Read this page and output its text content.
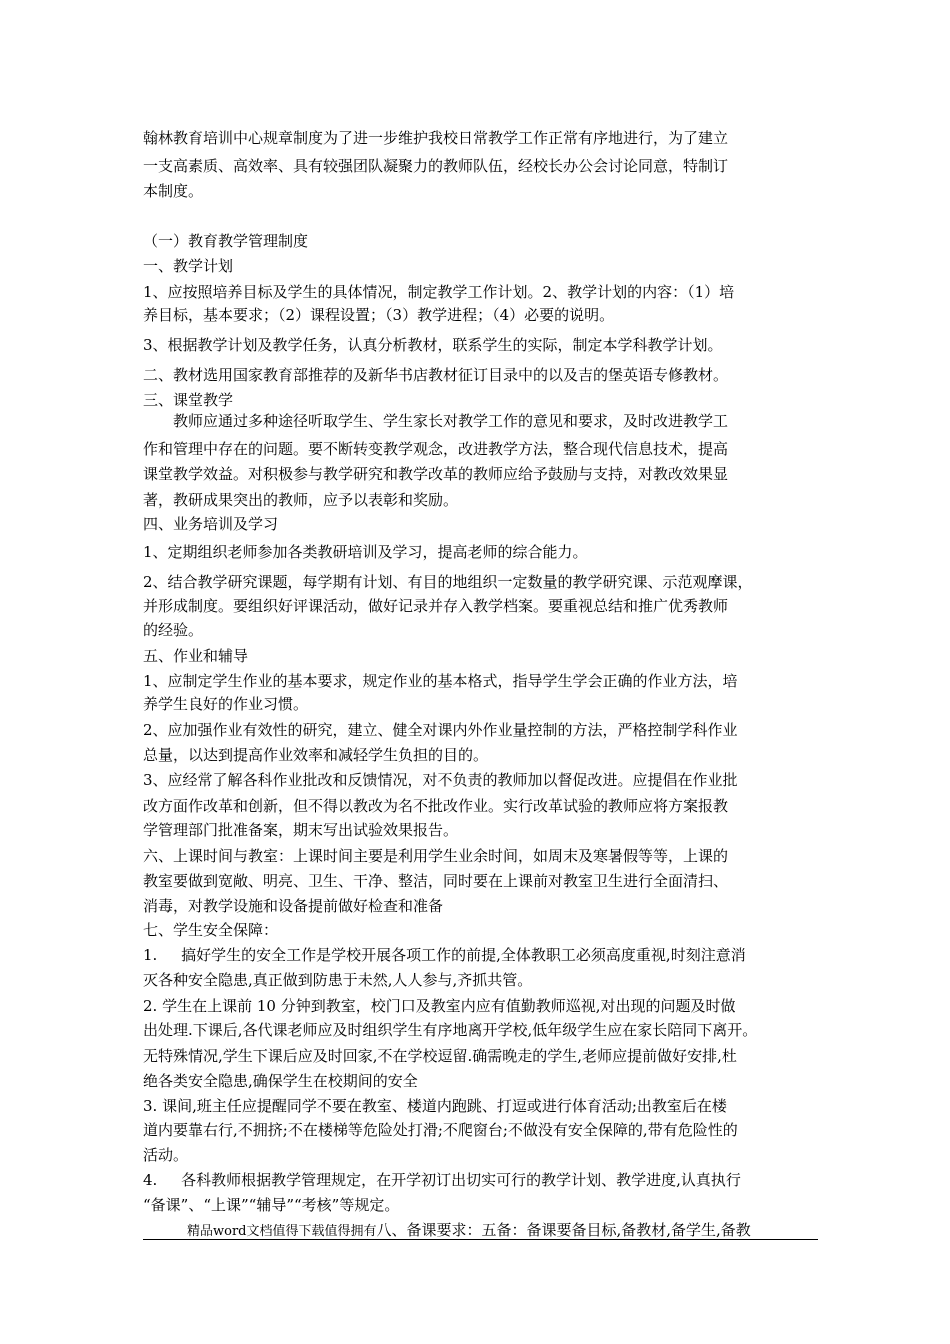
翰林教育培训中心规章制度为了进一步维护我校日常教学工作正常有序地进行，为了建立
一支高素质、高效率、具有较强团队凝聚力的教师队伍，经校长办公会讨论同意，特制订
本制度。
（一）教育教学管理制度
一、教学计划
1、应按照培养目标及学生的具体情况，制定教学工作计划。2、教学计划的内容：（1）培
养目标，基本要求；（2）课程设置；（3）教学进程；（4）必要的说明。
3、根据教学计划及教学任务，认真分析教材，联系学生的实际，制定本学科教学计划。
二、教材选用国家教育部推荐的及新华书店教材征订目录中的以及吉的堡英语专修教材。
三、课堂教学
教师应通过多种途径听取学生、学生家长对教学工作的意见和要求，及时改进教学工
作和管理中存在的问题。要不断转变教学观念，改进教学方法，整合现代信息技术，提高
课堂教学效益。对积极参与教学研究和教学改革的教师应给予鼓励与支持，对教改效果显
著，教研成果突出的教师，应予以表彰和奖励。
四、业务培训及学习
1、定期组织老师参加各类教研培训及学习，提高老师的综合能力。
2、结合教学研究课题，每学期有计划、有目的地组织一定数量的教学研究课、示范观摩课，
并形成制度。要组织好评课活动，做好记录并存入教学档案。要重视总结和推广优秀教师
的经验。
五、作业和辅导
1、应制定学生作业的基本要求，规定作业的基本格式，指导学生学会正确的作业方法，培
养学生良好的作业习惯。
2、应加强作业有效性的研究，建立、健全对课内外作业量控制的方法，严格控制学科作业
总量，以达到提高作业效率和减轻学生负担的目的。
3、应经常了解各科作业批改和反馈情况，对不负责的教师加以督促改进。应提倡在作业批
改方面作改革和创新，但不得以教改为名不批改作业。实行改革试验的教师应将方案报教
学管理部门批准备案，期末写出试验效果报告。
六、上课时间与教室：上课时间主要是利用学生业余时间，如周末及寒暑假等等，上课的
教室要做到宽敞、明亮、卫生、干净、整洁，同时要在上课前对教室卫生进行全面清扫、
消毒，对教学设施和设备提前做好检查和准备
七、学生安全保障：
1.     搞好学生的安全工作是学校开展各项工作的前提,全体教职工必须高度重视,时刻注意消
灭各种安全隐患,真正做到防患于未然,人人参与,齐抓共管。
2. 学生在上课前 10 分钟到教室，校门口及教室内应有值勤教师巡视,对出现的问题及时做
出处理.下课后,各代课老师应及时组织学生有序地离开学校,低年级学生应在家长陪同下离开。
无特殊情况,学生下课后应及时回家,不在学校逗留.确需晚走的学生,老师应提前做好安排,杜
绝各类安全隐患,确保学生在校期间的安全
3. 课间,班主任应提醒同学不要在教室、楼道内跑跳、打逗或进行体育活动;出教室后在楼
道内要靠右行,不拥挤;不在楼梯等危险处打滑;不爬窗台;不做没有安全保障的,带有危险性的
活动。
4.     各科教师根据教学管理规定，在开学初订出切实可行的教学计划、教学进度,认真执行
“备课”、“上课”“辅导”“考核”等规定。
精品word文档值得下载值得拥有八、备课要求：五备：备课要备目标,备教材,备学生,备教
